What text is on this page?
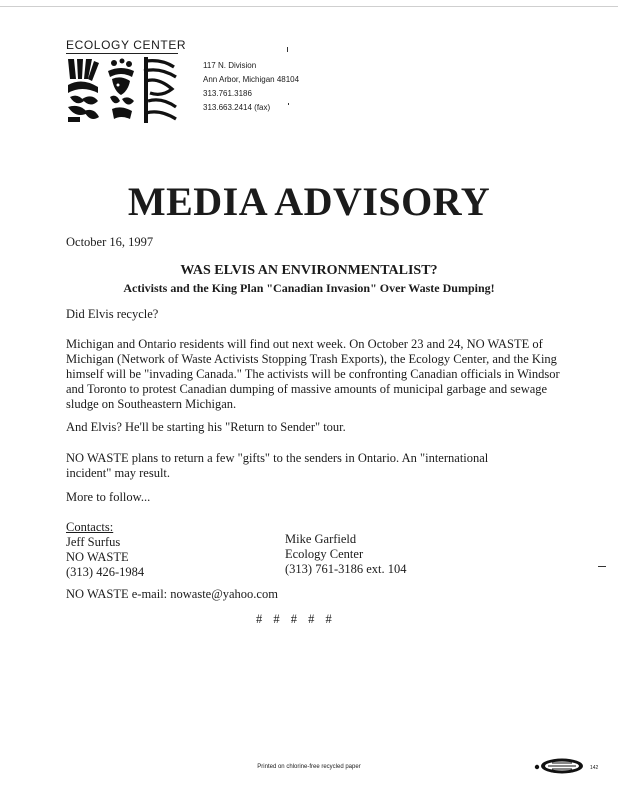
ECOLOGY CENTER
117 N. Division
Ann Arbor, Michigan 48104
313.761.3186
313.663.2414 (fax)
MEDIA ADVISORY
October 16, 1997
WAS ELVIS AN ENVIRONMENTALIST?
Activists and the King Plan "Canadian Invasion" Over Waste Dumping!
Did Elvis recycle?
Michigan and Ontario residents will find out next week. On October 23 and 24, NO WASTE of Michigan (Network of Waste Activists Stopping Trash Exports), the Ecology Center, and the King himself will be "invading Canada." The activists will be confronting Canadian officials in Windsor and Toronto to protest Canadian dumping of massive amounts of municipal garbage and sewage sludge on Southeastern Michigan.
And Elvis? He'll be starting his "Return to Sender" tour.
NO WASTE plans to return a few "gifts" to the senders in Ontario. An "international incident" may result.
More to follow...
Contacts:
Jeff Surfus
NO WASTE
(313) 426-1984
Mike Garfield
Ecology Center
(313) 761-3186 ext. 104
NO WASTE e-mail: nowaste@yahoo.com
# # # # #
Printed on chlorine-free recycled paper	142
